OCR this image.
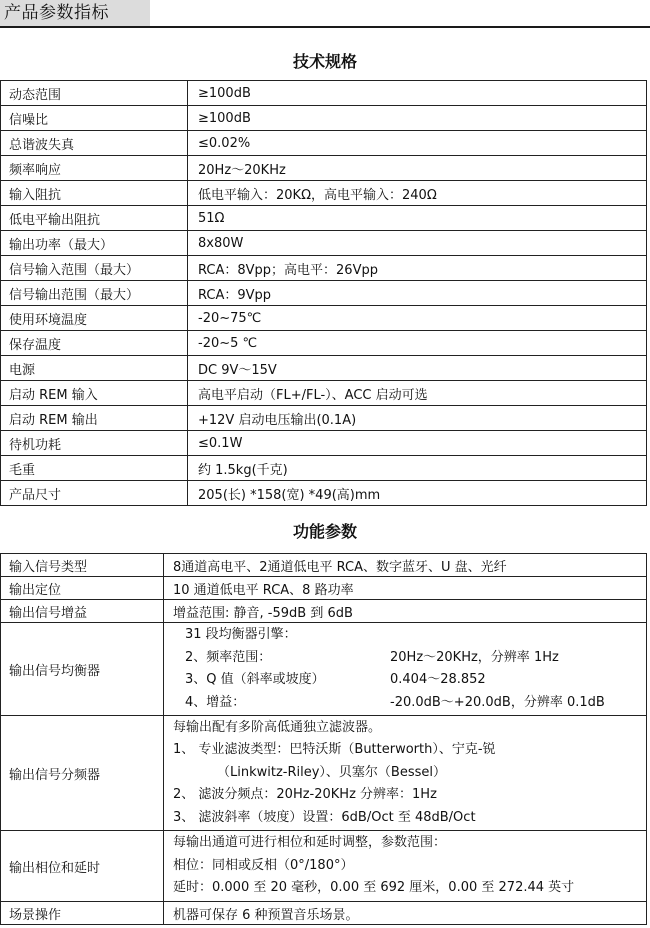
产品参数指标
技术规格
动态范围	≥100dB
信噪比	≥100dB
总谐波失真	≤0.02%
频率响应	20Hz～20KHz
输入阻抗	低电平输入：20KΩ，高电平输入：240Ω
低电平输出阻抗	51Ω
输出功率（最大）	8x80W
信号输入范围（最大）	RCA：8Vpp；高电平：26Vpp
信号输出范围（最大）	RCA：9Vpp
使用环境温度	-20~75℃
保存温度	-20~5 ℃
电源	DC 9V～15V
启动 REM 输入	高电平启动（FL+/FL-）、ACC 启动可选
启动 REM 输出	+12V 启动电压输出(0.1A)
待机功耗	≤0.1W
毛重	约 1.5kg(千克)
产品尺寸	205(长) *158(宽) *49(高)mm
功能参数
输入信号类型	8通道高电平、2通道低电平 RCA、数字蓝牙、U 盘、光纤
输出定位	10 通道低电平 RCA、8 路功率
输出信号增益	增益范围: 静音, -59dB 到 6dB
输出信号均衡器	31 段均衡器引擎：
2、频率范围： 20Hz～20KHz，分辨率 1Hz
3、Q 值（斜率或坡度） 0.404～28.852
4、增益： -20.0dB～+20.0dB，分辨率 0.1dB

输出信号分频器	每输出配有多阶高低通独立滤波器。
1、 专业滤波类型：巴特沃斯（Butterworth）、宁克-锐
（Linkwitz-Riley）、贝塞尔（Bessel）
2、 滤波分频点：20Hz-20KHz 分辨率：1Hz
3、 滤波斜率（坡度）设置：6dB/Oct 至 48dB/Oct

输出相位和延时	每输出通道可进行相位和延时调整，参数范围：
相位：同相或反相（0°/180°）
延时：0.000 至 20 毫秒，0.00 至 692 厘米，0.00 至 272.44 英寸

场景操作	机器可保存 6 种预置音乐场景。
